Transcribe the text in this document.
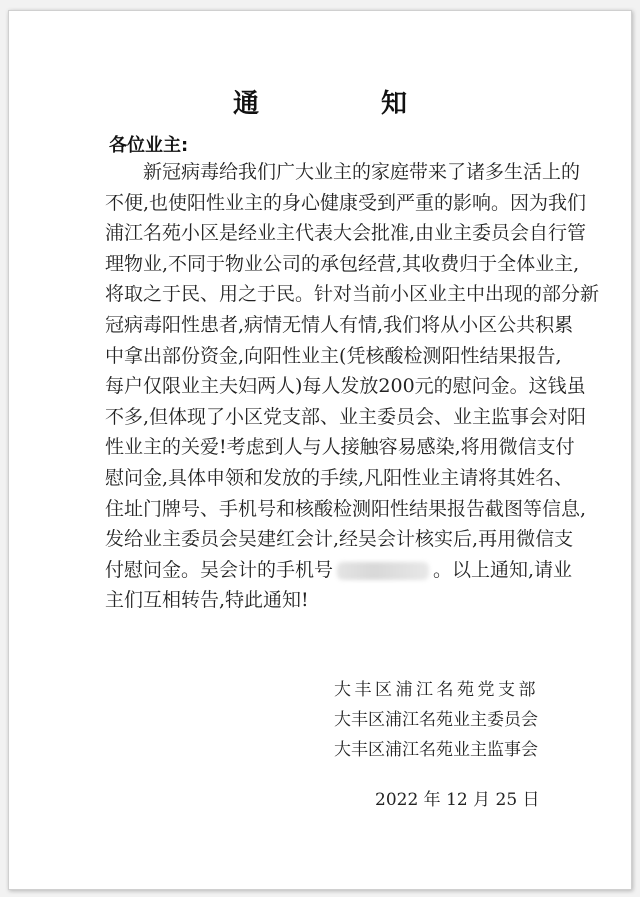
通　知
各位业主:
新冠病毒给我们广大业主的家庭带来了诸多生活上的
不便,也使阳性业主的身心健康受到严重的影响。因为我们
浦江名苑小区是经业主代表大会批准,由业主委员会自行管
理物业,不同于物业公司的承包经营,其收费归于全体业主,
将取之于民、用之于民。针对当前小区业主中出现的部分新
冠病毒阳性患者,病情无情人有情,我们将从小区公共积累
中拿出部份资金,向阳性业主(凭核酸检测阳性结果报告,
每户仅限业主夫妇两人)每人发放200元的慰问金。这钱虽
不多,但体现了小区党支部、业主委员会、业主监事会对阳
性业主的关爱!考虑到人与人接触容易感染,将用微信支付
慰问金,具体申领和发放的手续,凡阳性业主请将其姓名、
住址门牌号、手机号和核酸检测阳性结果报告截图等信息,
发给业主委员会吴建红会计,经吴会计核实后,再用微信支
付慰问金。吴会计的手机号	。以上通知,请业
主们互相转告,特此通知!
大丰区浦江名苑党支部
大丰区浦江名苑业主委员会
大丰区浦江名苑业主监事会
2022 年 12 月 25 日
